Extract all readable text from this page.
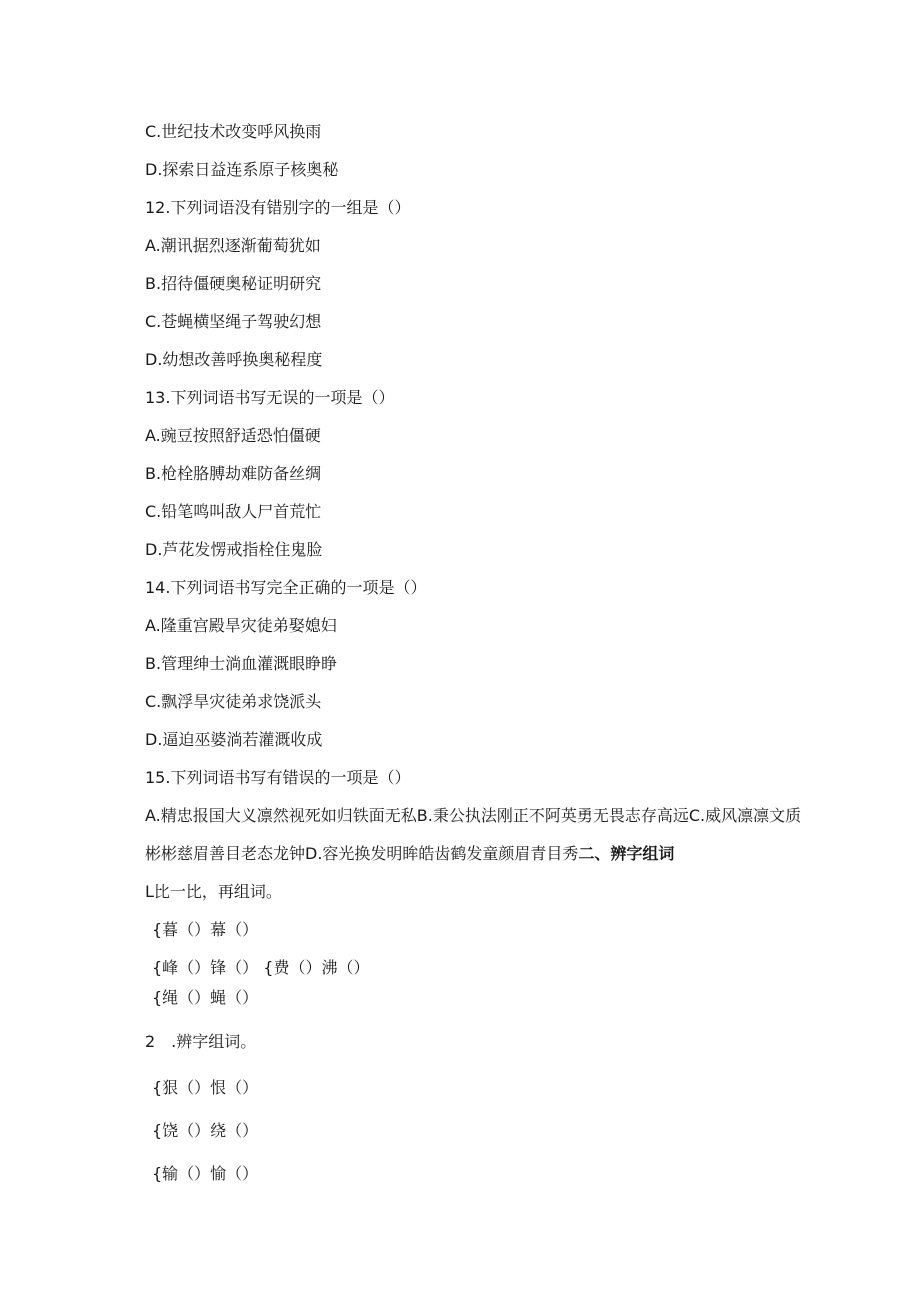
C.世纪技术改变呼风换雨
D.探索日益连系原子核奥秘
12.下列词语没有错别字的一组是（）
A.潮讯据烈逐渐葡萄犹如
B.招待僵硬奥秘证明研究
C.苍蝇横坚绳子驾驶幻想
D.幼想改善呼换奥秘程度
13.下列词语书写无误的一项是（）
A.豌豆按照舒适恐怕僵硬
B.枪栓胳膊劫难防备丝绸
C.铅笔鸣叫敌人尸首荒忙
D.芦花发愣戒指栓住鬼脸
14.下列词语书写完全正确的一项是（）
A.隆重宫殿旱灾徒弟娶媳妇
B.管理绅士淌血灌溉眼睁睁
C.飘浮旱灾徒弟求饶派头
D.逼迫巫婆淌若灌溉收成
15.下列词语书写有错误的一项是（）
A.精忠报国大义凛然视死如归铁面无私B.秉公执法刚正不阿英勇无畏志存高远C.威风凛凛文质彬彬慈眉善目老态龙钟D.容光换发明眸皓齿鹤发童颜眉青目秀二、辨字组词
L比一比，再组词。
{暮（）幕（）
{峰（）锋（） {费（）沸（）
{绳（）蝇（）
2　.辨字组词。
{狠（）恨（）
{饶（）绕（）
{输（）愉（）
